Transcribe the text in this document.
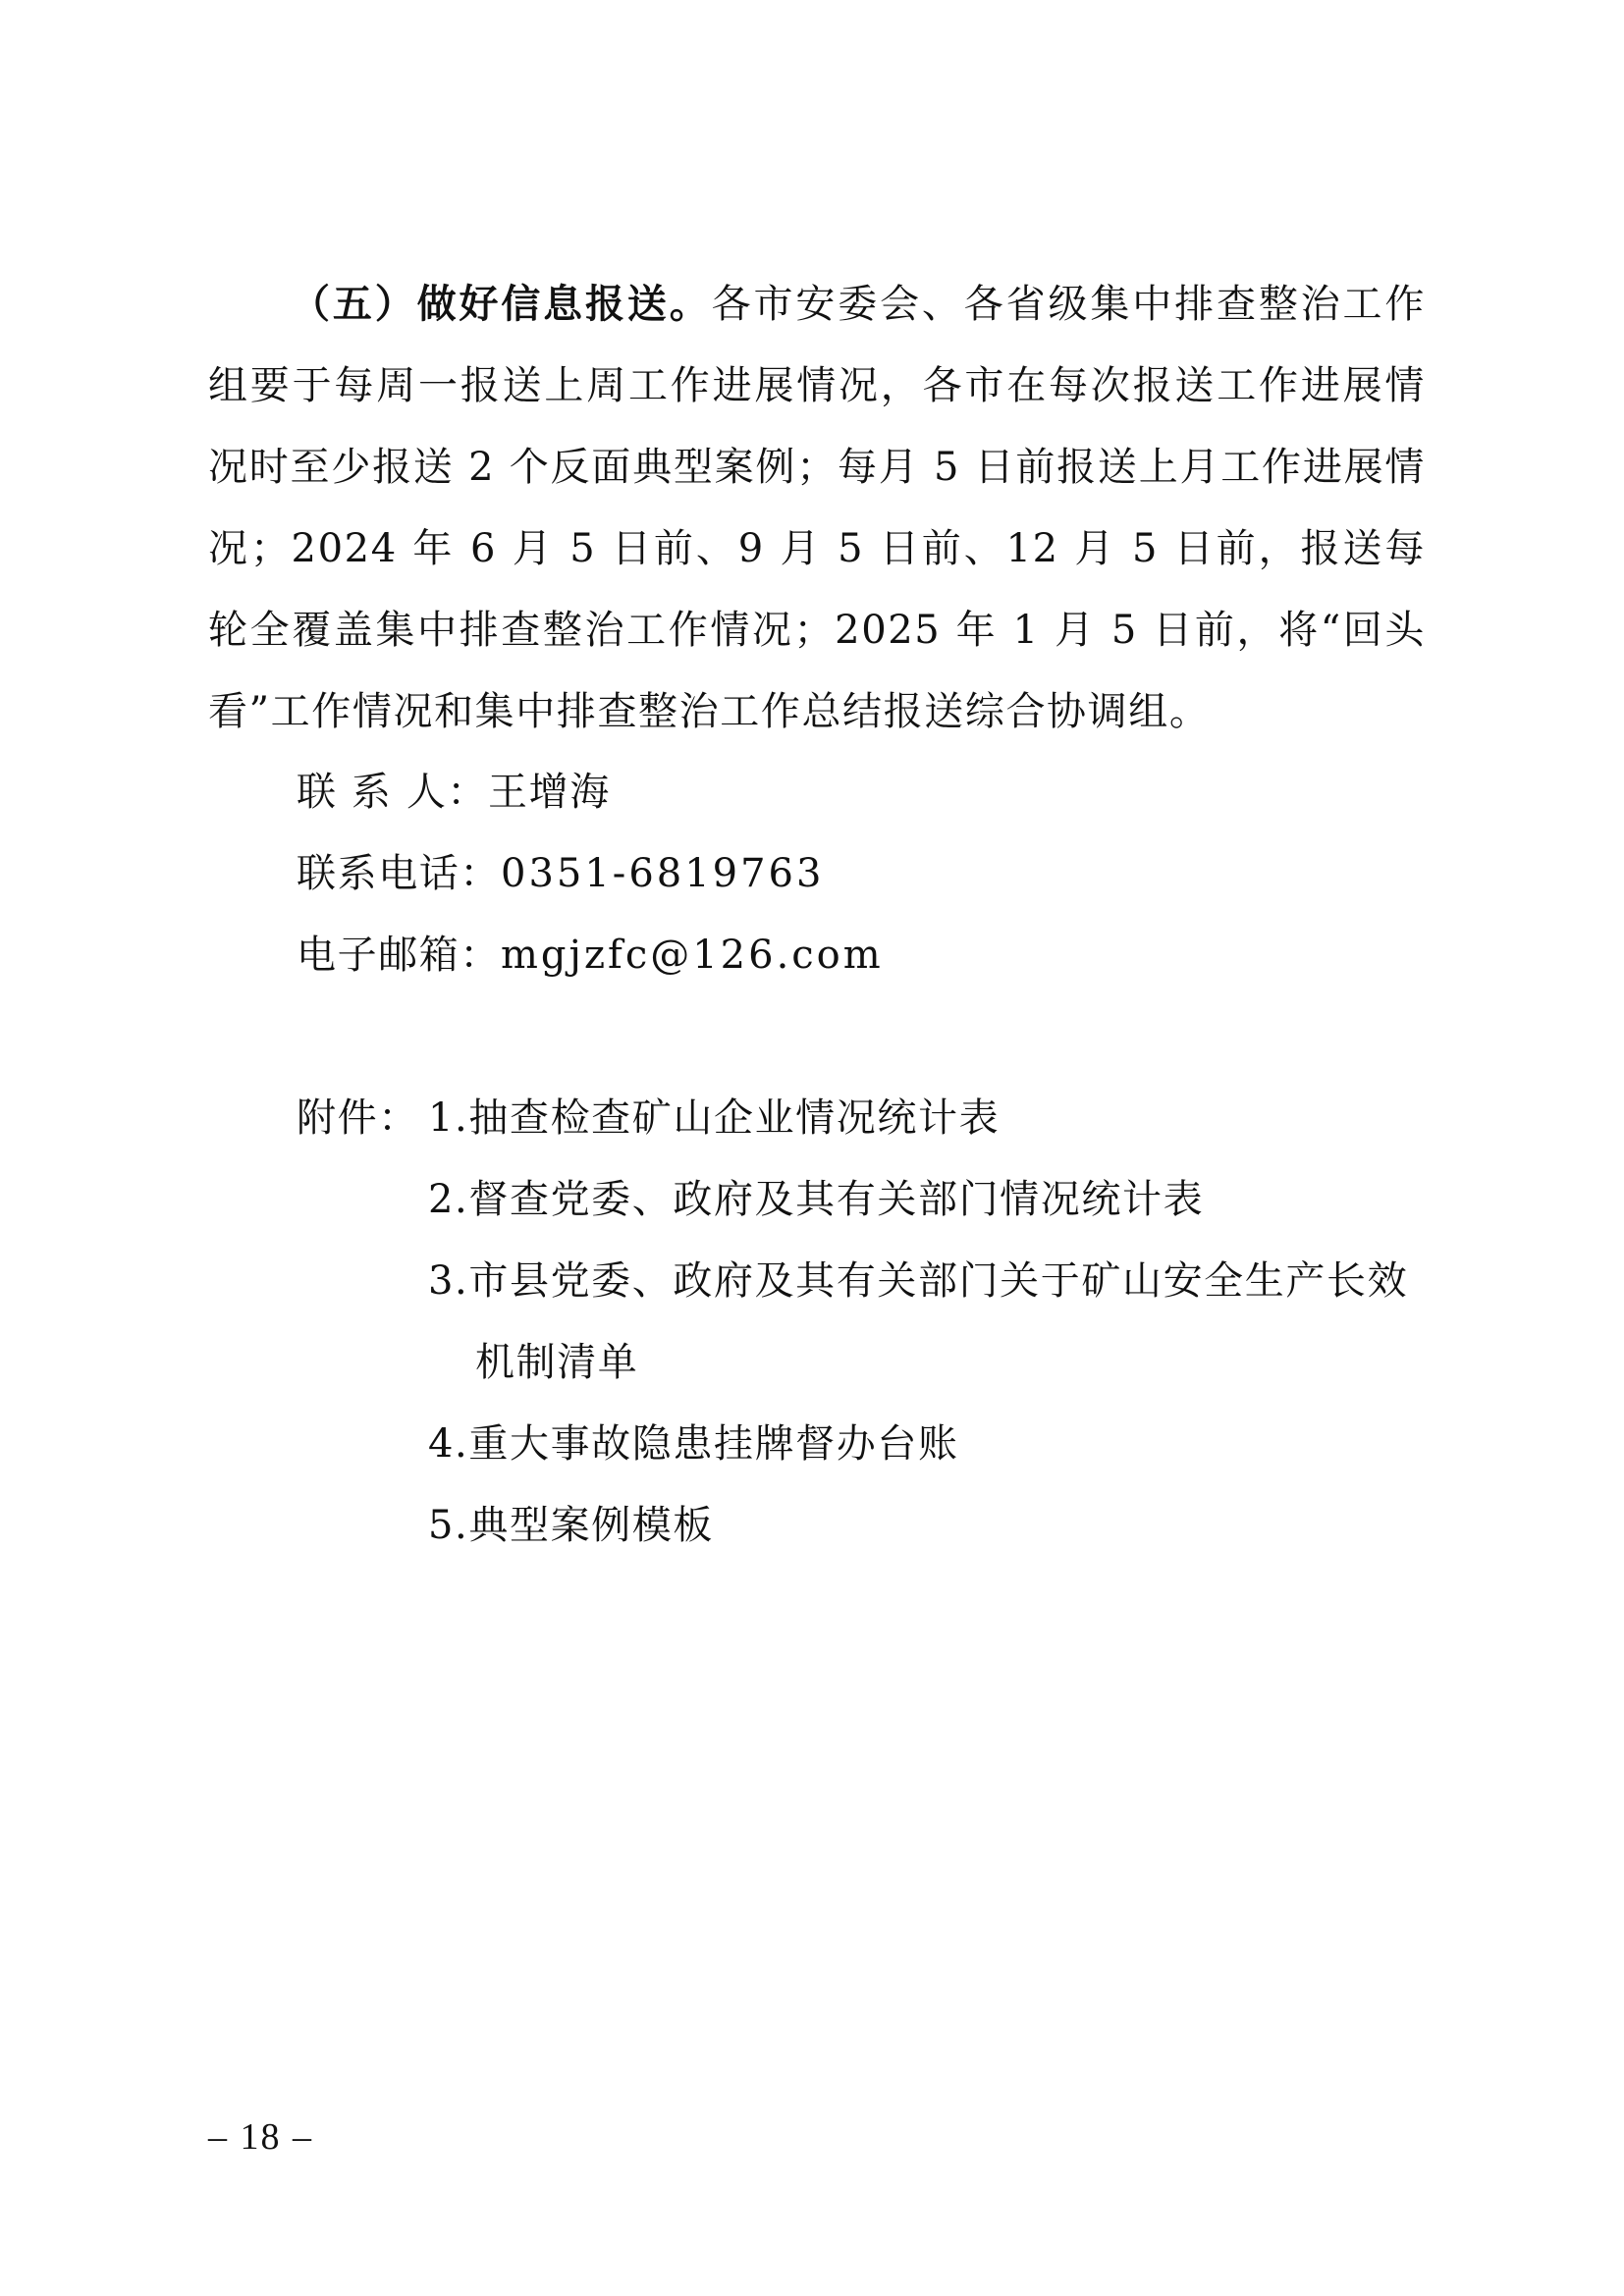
（五）做好信息报送。各市安委会、各省级集中排查整治工作组要于每周一报送上周工作进展情况，各市在每次报送工作进展情况时至少报送 2 个反面典型案例；每月 5 日前报送上月工作进展情况；2024 年 6 月 5 日前、9 月 5 日前、12 月 5 日前，报送每轮全覆盖集中排查整治工作情况；2025 年 1 月 5 日前，将“回头看”工作情况和集中排查整治工作总结报送综合协调组。

联 系 人：王增海

联系电话：0351-6819763

电子邮箱：mgjzfc@126.com

附件： 1.抽查检查矿山企业情况统计表
2.督查党委、政府及其有关部门情况统计表
3.市县党委、政府及其有关部门关于矿山安全生产长效机制清单
4.重大事故隐患挂牌督办台账
5.典型案例模板
– 18 –
